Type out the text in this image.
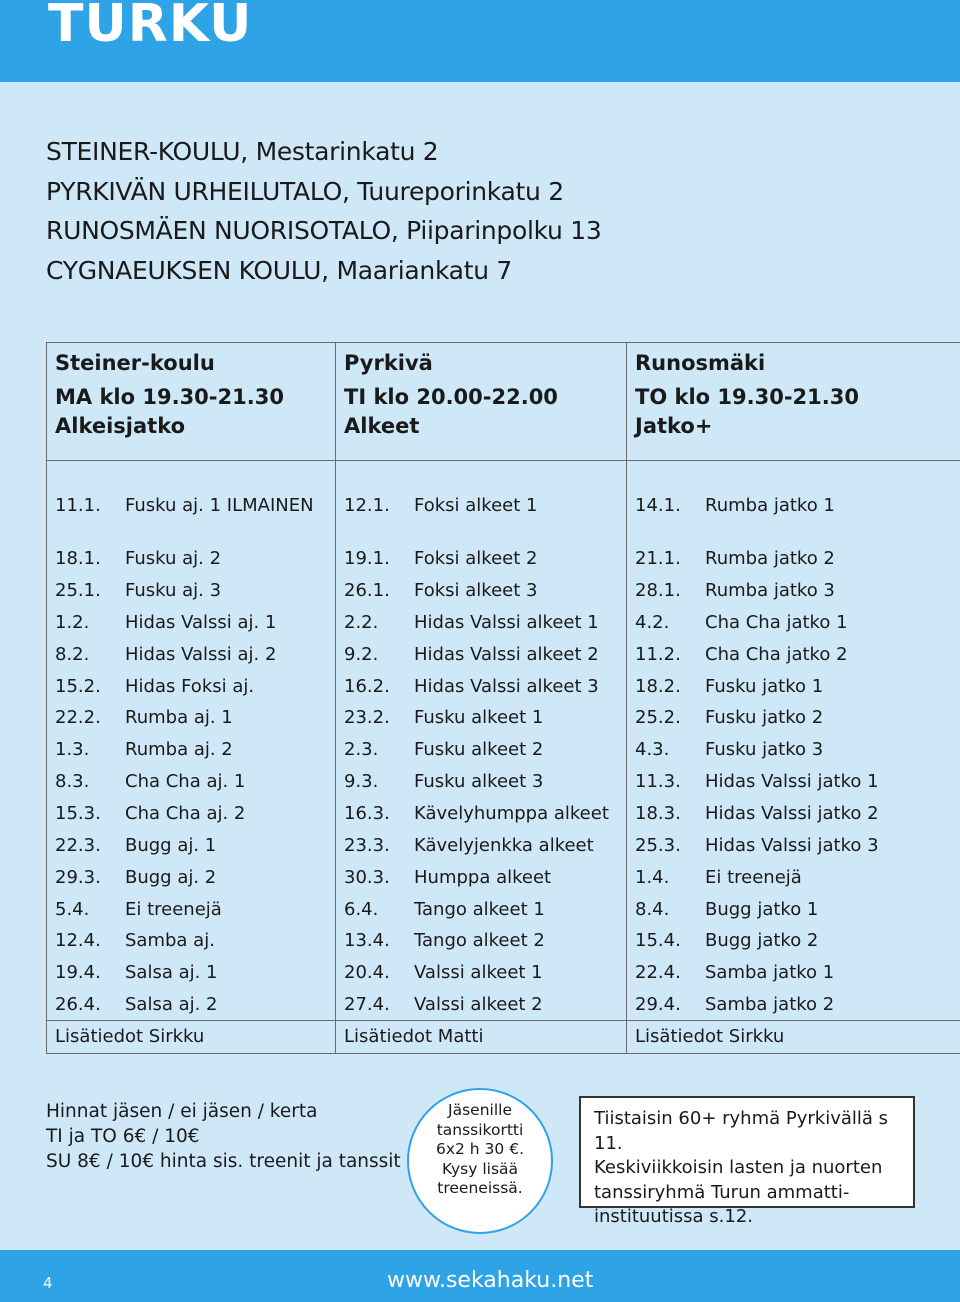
TURKU
STEINER-KOULU, Mestarinkatu 2
PYRKIVÄN URHEILUTALO, Tuureporinkatu 2
RUNOSMÄEN NUORISOTALO, Piiparinpolku 13
CYGNAEUKSEN KOULU, Maariankatu 7
Steiner-koulu
MA klo 19.30-21.30
Alkeisjatko
11.1. Fusku aj. 1 ILMAINEN
18.1. Fusku aj. 2
25.1. Fusku aj. 3
1.2. Hidas Valssi aj. 1
8.2. Hidas Valssi aj. 2
15.2. Hidas Foksi aj.
22.2. Rumba aj. 1
1.3. Rumba aj. 2
8.3. Cha Cha aj. 1
15.3. Cha Cha aj. 2
22.3. Bugg aj. 1
29.3. Bugg aj. 2
5.4. Ei treenejä
12.4. Samba aj.
19.4. Salsa aj. 1
26.4. Salsa aj. 2
Lisätiedot Sirkku
Pyrkivä
TI klo 20.00-22.00
Alkeet
12.1. Foksi alkeet 1
19.1. Foksi alkeet 2
26.1. Foksi alkeet 3
2.2. Hidas Valssi alkeet 1
9.2. Hidas Valssi alkeet 2
16.2. Hidas Valssi alkeet 3
23.2. Fusku alkeet 1
2.3. Fusku alkeet 2
9.3. Fusku alkeet 3
16.3. Kävelyhumppa alkeet
23.3. Kävelyjenkka alkeet
30.3. Humppa alkeet
6.4. Tango alkeet 1
13.4. Tango alkeet 2
20.4. Valssi alkeet 1
27.4. Valssi alkeet 2
Lisätiedot Matti
Runosmäki
TO klo 19.30-21.30
Jatko+
14.1. Rumba jatko 1
21.1. Rumba jatko 2
28.1. Rumba jatko 3
4.2. Cha Cha jatko 1
11.2. Cha Cha jatko 2
18.2. Fusku jatko 1
25.2. Fusku jatko 2
4.3. Fusku jatko 3
11.3. Hidas Valssi jatko 1
18.3. Hidas Valssi jatko 2
25.3. Hidas Valssi jatko 3
1.4. Ei treenejä
8.4. Bugg jatko 1
15.4. Bugg jatko 2
22.4. Samba jatko 1
29.4. Samba jatko 2
Lisätiedot Sirkku
Hinnat jäsen / ei jäsen / kerta
TI ja TO 6€ / 10€
SU 8€ / 10€ hinta sis. treenit ja tanssit
Jäsenille
tanssikortti
6x2 h 30 €.
Kysy lisää
treeneissä.
Tiistaisin 60+ ryhmä Pyrkivällä s 11.
Keskiviikkoisin lasten ja nuorten
tanssiryhmä Turun ammatti-
instituutissa s.12.
4	www.sekahaku.net
